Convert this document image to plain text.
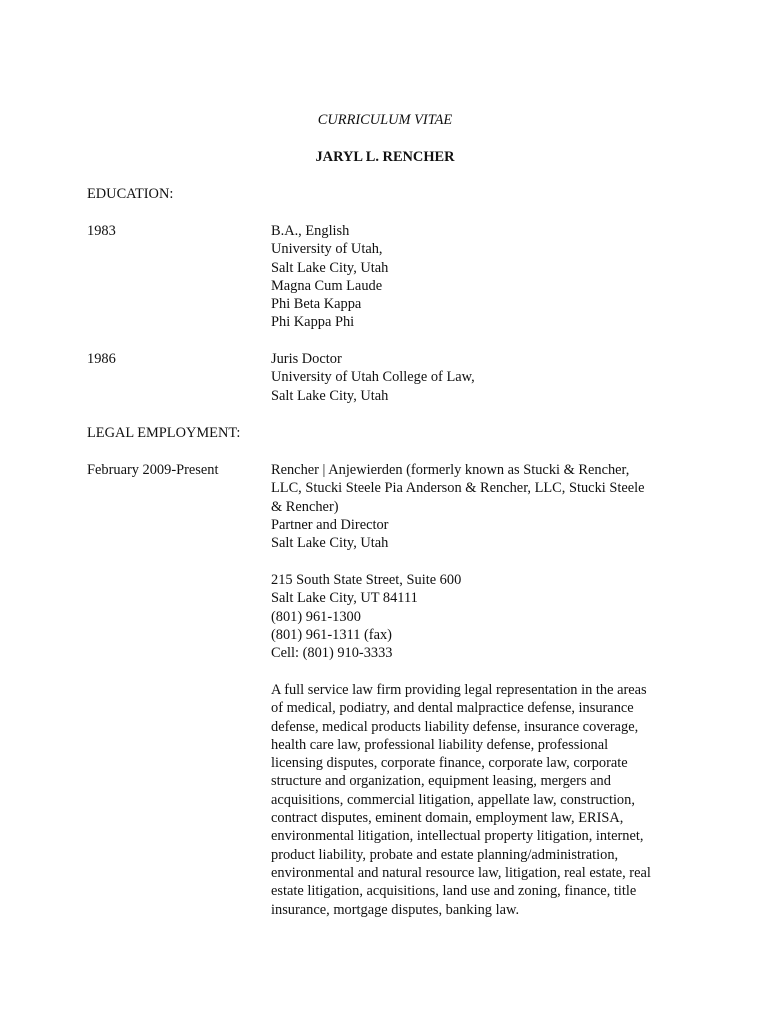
CURRICULUM VITAE
JARYL L. RENCHER
EDUCATION:
1983	B.A., English
University of Utah,
Salt Lake City, Utah
Magna Cum Laude
Phi Beta Kappa
Phi Kappa Phi
1986	Juris Doctor
University of Utah College of Law,
Salt Lake City, Utah
LEGAL EMPLOYMENT:
February 2009-Present	Rencher | Anjewierden (formerly known as Stucki & Rencher,
LLC, Stucki Steele Pia Anderson & Rencher, LLC, Stucki Steele
& Rencher)
Partner and Director
Salt Lake City, Utah
215 South State Street, Suite 600
Salt Lake City, UT 84111
(801) 961-1300
(801) 961-1311 (fax)
Cell: (801) 910-3333
A full service law firm providing legal representation in the areas
of medical, podiatry, and dental malpractice defense, insurance
defense, medical products liability defense, insurance coverage,
health care law, professional liability defense, professional
licensing disputes, corporate finance, corporate law, corporate
structure and organization, equipment leasing, mergers and
acquisitions, commercial litigation, appellate law, construction,
contract disputes, eminent domain, employment law, ERISA,
environmental litigation, intellectual property litigation, internet,
product liability, probate and estate planning/administration,
environmental and natural resource law, litigation, real estate, real
estate litigation, acquisitions, land use and zoning, finance, title
insurance, mortgage disputes, banking law.
